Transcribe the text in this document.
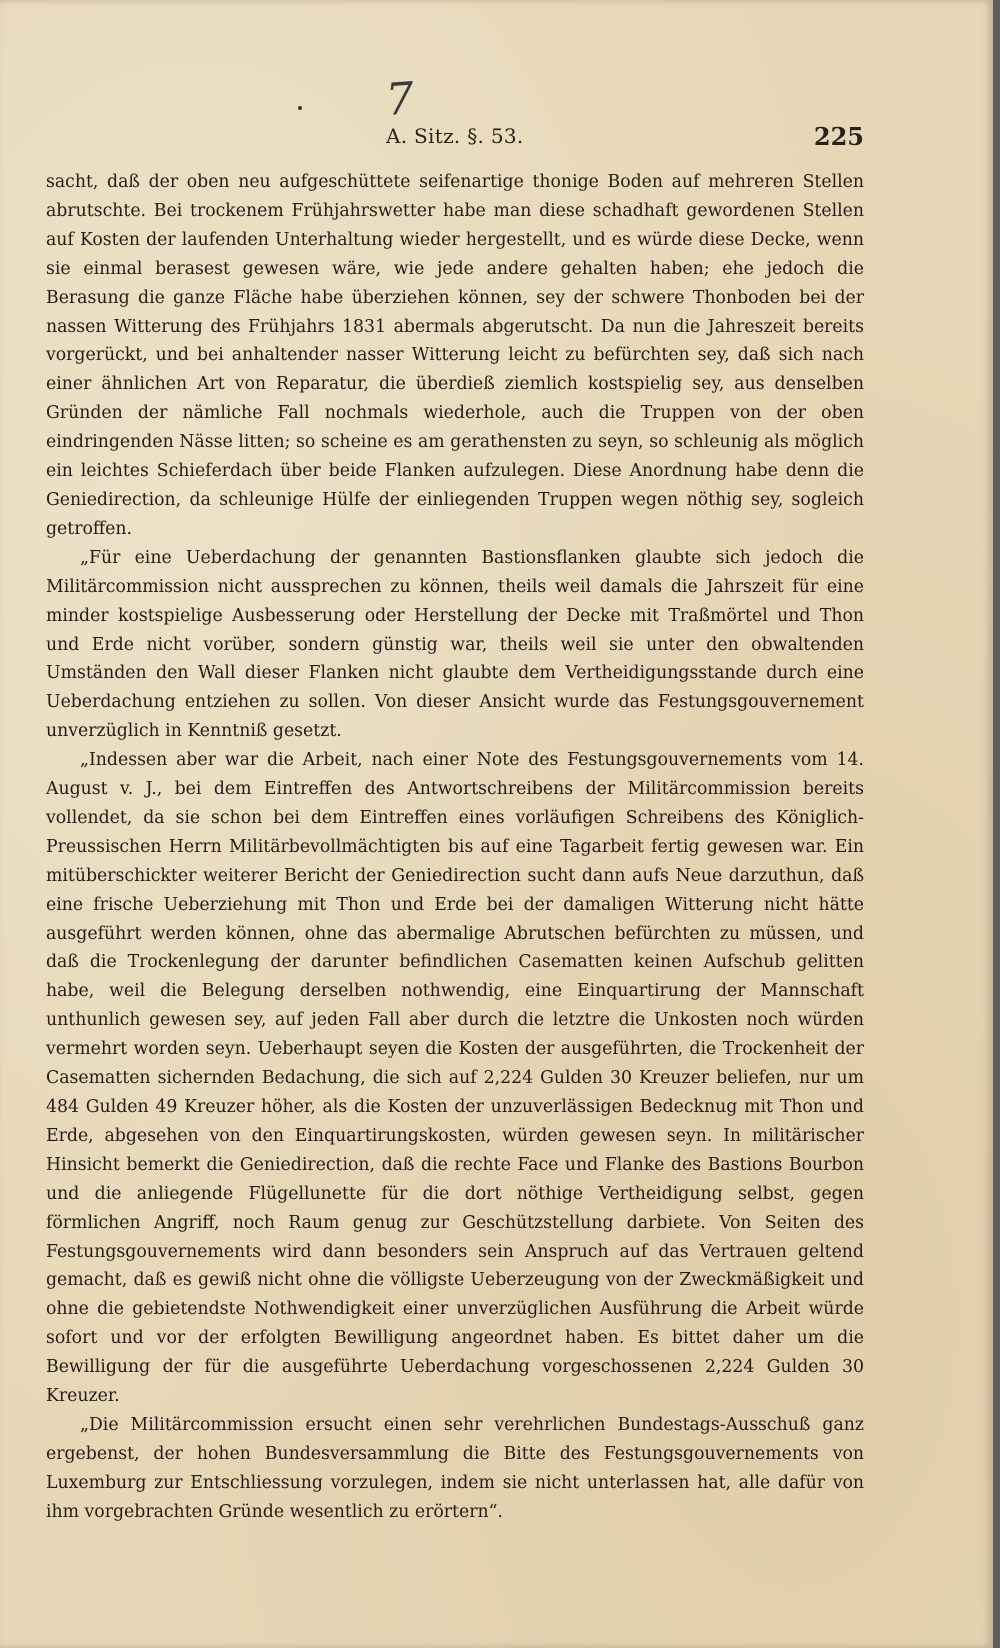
7
A. Sitz. §. 53.	225

sacht, daß der oben neu aufgeschüttete seifenartige thonige Boden auf mehreren Stellen abrutschte. Bei trockenem Frühjahrswetter habe man diese schadhaft gewordenen Stellen auf Kosten der laufenden Unterhaltung wieder hergestellt, und es würde diese Decke, wenn sie einmal berasest gewesen wäre, wie jede andere gehalten haben; ehe jedoch die Berasung die ganze Fläche habe überziehen können, sey der schwere Thonboden bei der nassen Witterung des Frühjahrs 1831 abermals abgerutscht. Da nun die Jahreszeit bereits vorgerückt, und bei anhaltender nasser Witterung leicht zu befürchten sey, daß sich nach einer ähnlichen Art von Reparatur, die überdieß ziemlich kostspielig sey, aus denselben Gründen der nämliche Fall nochmals wiederhole, auch die Truppen von der oben eindringenden Nässe litten; so scheine es am gerathensten zu seyn, so schleunig als möglich ein leichtes Schieferdach über beide Flanken aufzulegen. Diese Anordnung habe denn die Geniedirection, da schleunige Hülfe der einliegenden Truppen wegen nöthig sey, sogleich getroffen.

„Für eine Ueberdachung der genannten Bastionsflanken glaubte sich jedoch die Militärcommission nicht aussprechen zu können, theils weil damals die Jahrszeit für eine minder kostspielige Ausbesserung oder Herstellung der Decke mit Traßmörtel und Thon und Erde nicht vorüber, sondern günstig war, theils weil sie unter den obwaltenden Umständen den Wall dieser Flanken nicht glaubte dem Vertheidigungsstande durch eine Ueberdachung entziehen zu sollen. Von dieser Ansicht wurde das Festungsgouvernement unverzüglich in Kenntniß gesetzt.

„Indessen aber war die Arbeit, nach einer Note des Festungsgouvernements vom 14. August v. J., bei dem Eintreffen des Antwortschreibens der Militärcommission bereits vollendet, da sie schon bei dem Eintreffen eines vorläufigen Schreibens des Königlich-Preussischen Herrn Militärbevollmächtigten bis auf eine Tagarbeit fertig gewesen war. Ein mitüberschickter weiterer Bericht der Geniedirection sucht dann aufs Neue darzuthun, daß eine frische Ueberziehung mit Thon und Erde bei der damaligen Witterung nicht hätte ausgeführt werden können, ohne das abermalige Abrutschen befürchten zu müssen, und daß die Trockenlegung der darunter befindlichen Casematten keinen Aufschub gelitten habe, weil die Belegung derselben nothwendig, eine Einquartirung der Mannschaft unthunlich gewesen sey, auf jeden Fall aber durch die letztre die Unkosten noch würden vermehrt worden seyn. Ueberhaupt seyen die Kosten der ausgeführten, die Trockenheit der Casematten sichernden Bedachung, die sich auf 2,224 Gulden 30 Kreuzer beliefen, nur um 484 Gulden 49 Kreuzer höher, als die Kosten der unzuverlässigen Bedecknug mit Thon und Erde, abgesehen von den Einquartirungskosten, würden gewesen seyn. In militärischer Hinsicht bemerkt die Geniedirection, daß die rechte Face und Flanke des Bastions Bourbon und die anliegende Flügellunette für die dort nöthige Vertheidigung selbst, gegen förmlichen Angriff, noch Raum genug zur Geschützstellung darbiete. Von Seiten des Festungsgouvernements wird dann besonders sein Anspruch auf das Vertrauen geltend gemacht, daß es gewiß nicht ohne die völligste Ueberzeugung von der Zweckmäßigkeit und ohne die gebietendste Nothwendigkeit einer unverzüglichen Ausführung die Arbeit würde sofort und vor der erfolgten Bewilligung angeordnet haben. Es bittet daher um die Bewilligung der für die ausgeführte Ueberdachung vorgeschossenen 2,224 Gulden 30 Kreuzer.

„Die Militärcommission ersucht einen sehr verehrlichen Bundestags-Ausschuß ganz ergebenst, der hohen Bundesversammlung die Bitte des Festungsgouvernements von Luxemburg zur Entschliessung vorzulegen, indem sie nicht unterlassen hat, alle dafür von ihm vorgebrachten Gründe wesentlich zu erörtern“.
